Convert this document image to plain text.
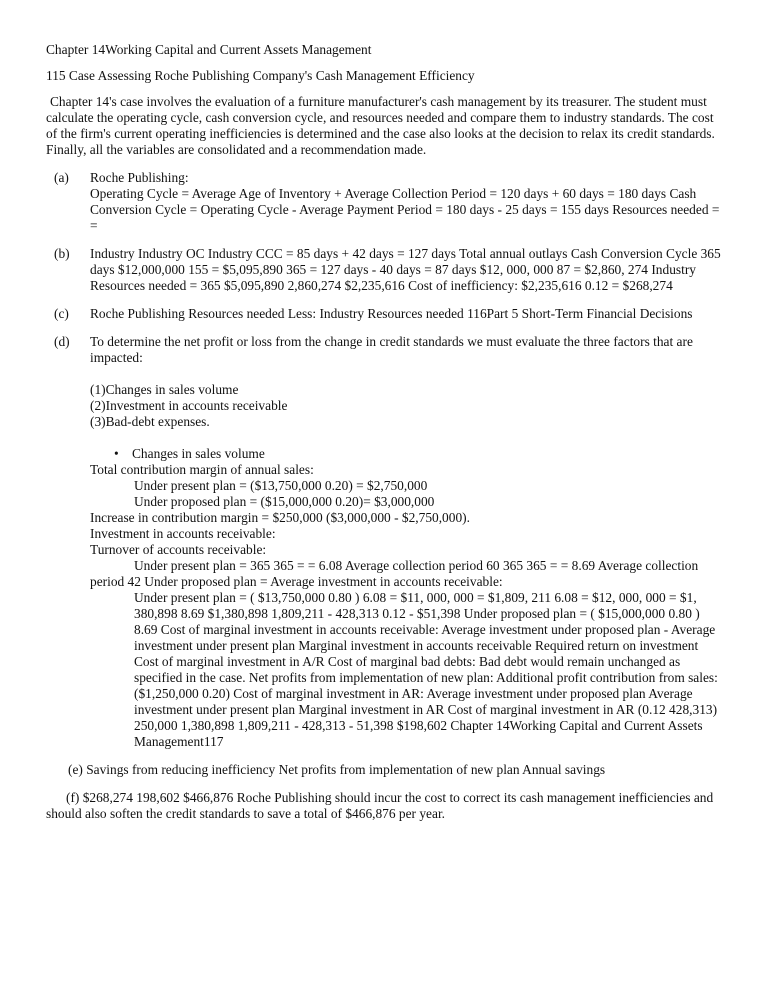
Chapter 14Working Capital and Current Assets Management

115 Case Assessing Roche Publishing Company's Cash Management Efficiency

Chapter 14's case involves the evaluation of a furniture manufacturer's cash management by its treasurer. The student must calculate the operating cycle, cash conversion cycle, and resources needed and compare them to industry standards. The cost of the firm's current operating inefficiencies is determined and the case also looks at the decision to relax its credit standards. Finally, all the variables are consolidated and a recommendation made.

(a)	Roche Publishing:

Operating Cycle = Average Age of Inventory + Average Collection Period = 120 days + 60 days = 180 days Cash Conversion Cycle = Operating Cycle - Average Payment Period = 180 days - 25 days = 155 days Resources needed = =

(b)	Industry Industry OC Industry CCC = 85 days + 42 days = 127 days Total annual outlays Cash Conversion Cycle 365 days $12,000,000 155 = $5,095,890 365 = 127 days - 40 days = 87 days $12, 000, 000 87 = $2,860, 274 Industry Resources needed = 365 $5,095,890 2,860,274 $2,235,616 Cost of inefficiency: $2,235,616 0.12 = $268,274

(c)	Roche Publishing Resources needed Less: Industry Resources needed 116Part 5 Short-Term Financial Decisions

(d)	To determine the net profit or loss from the change in credit standards we must evaluate the three factors that are impacted:

(1)Changes in sales volume

(2)Investment in accounts receivable

(3)Bad-debt expenses.

• Changes in sales volume

Total contribution margin of annual sales:

Under present plan = ($13,750,000 0.20) = $2,750,000

Under proposed plan = ($15,000,000 0.20)= $3,000,000

Increase in contribution margin = $250,000 ($3,000,000 - $2,750,000).

Investment in accounts receivable:

Turnover of accounts receivable:

Under present plan = 365 365 = = 6.08 Average collection period 60 365 365 = = 8.69 Average collection

period 42 Under proposed plan = Average investment in accounts receivable:

Under present plan = ( $13,750,000 0.80 ) 6.08 = $11, 000, 000 = $1,809, 211 6.08 = $12, 000, 000 = $1, 380,898 8.69 $1,380,898 1,809,211 - 428,313 0.12 - $51,398 Under proposed plan = ( $15,000,000 0.80 ) 8.69 Cost of marginal investment in accounts receivable: Average investment under proposed plan - Average investment under present plan Marginal investment in accounts receivable Required return on investment Cost of marginal investment in A/R Cost of marginal bad debts: Bad debt would remain unchanged as specified in the case. Net profits from implementation of new plan: Additional profit contribution from sales: ($1,250,000 0.20) Cost of marginal investment in AR: Average investment under proposed plan Average investment under present plan Marginal investment in AR Cost of marginal investment in AR (0.12 428,313) 250,000 1,380,898 1,809,211 - 428,313 - 51,398 $198,602 Chapter 14Working Capital and Current Assets Management117

(e) Savings from reducing inefficiency Net profits from implementation of new plan Annual savings

(f) $268,274 198,602 $466,876 Roche Publishing should incur the cost to correct its cash management inefficiencies and should also soften the credit standards to save a total of $466,876 per year.
